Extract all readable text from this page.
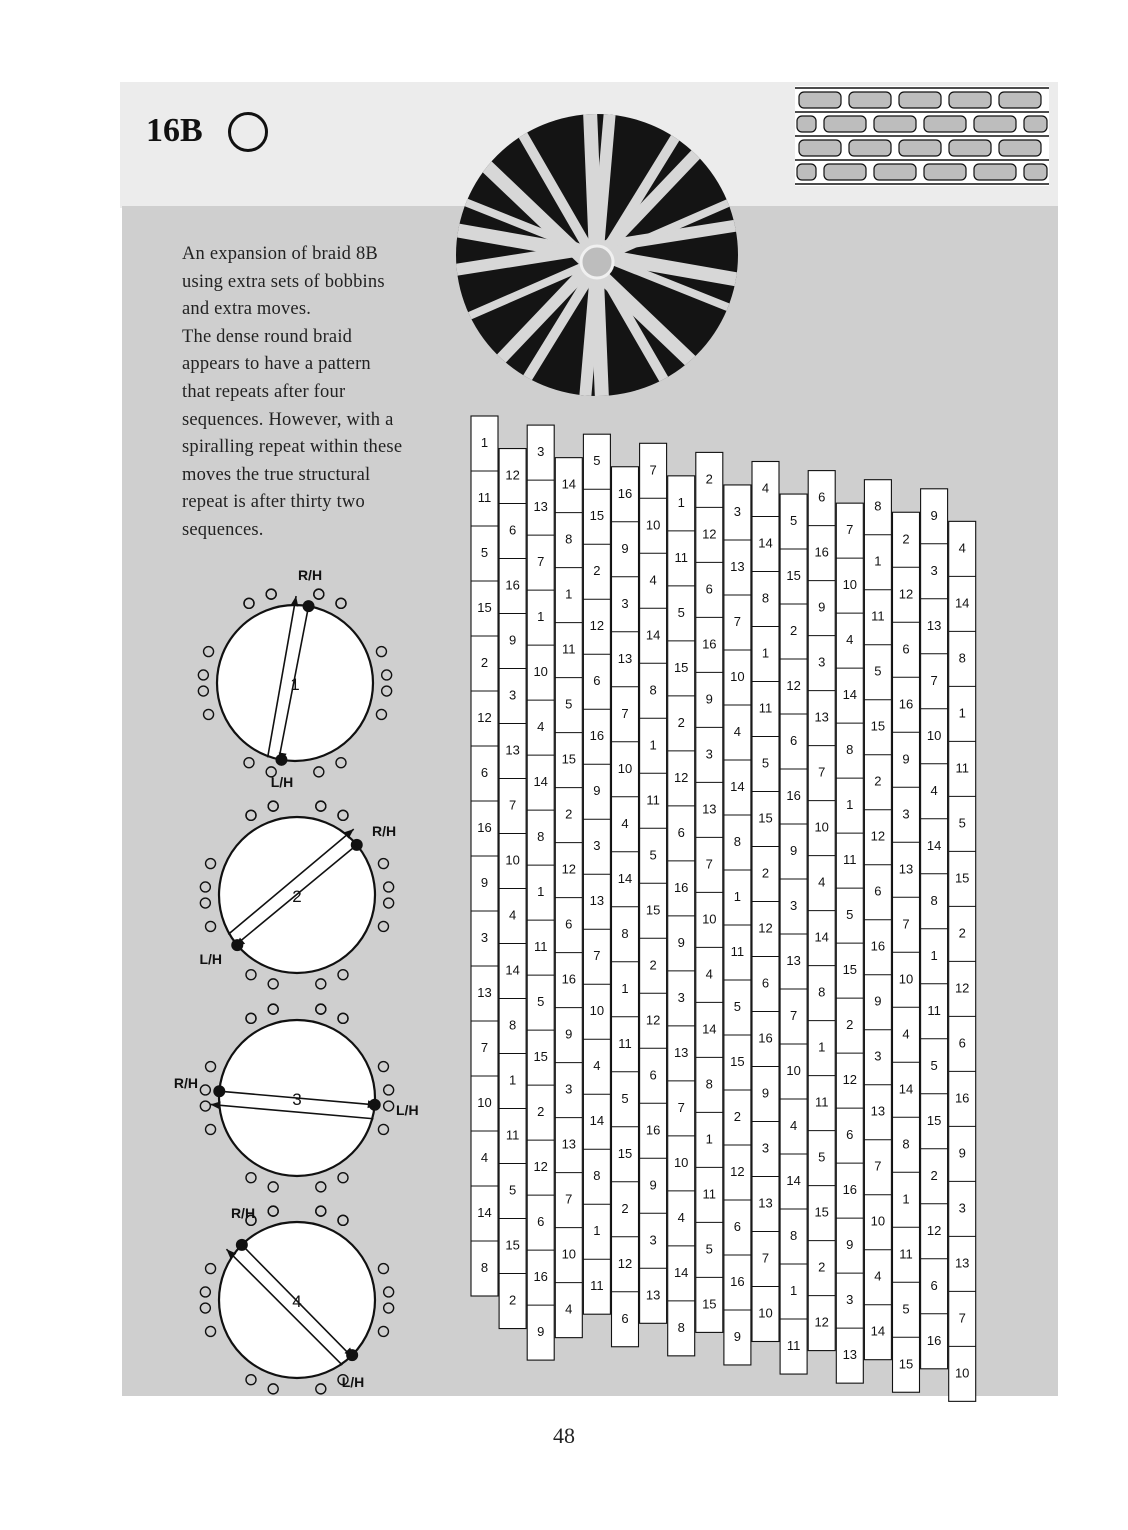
16B
An expansion of braid 8B
using extra sets of bobbins
and extra moves.
The dense round braid
appears to have a pattern
that repeats after four
sequences. However, with a
spiralling repeat within these
moves the true structural
repeat is after thirty two
sequences.
1
R/H
L/H
2
R/H
L/H
3
R/H
L/H
4
R/H
L/H
1
11
5
15
2
12
6
16
9
3
13
7
10
4
14
8
12
6
16
9
3
13
7
10
4
14
8
1
11
5
15
2
3
13
7
1
10
4
14
8
1
11
5
15
2
12
6
16
9
14
8
1
11
5
15
2
12
6
16
9
3
13
7
10
4
5
15
2
12
6
16
9
3
13
7
10
4
14
8
1
11
16
9
3
13
7
10
4
14
8
1
11
5
15
2
12
6
7
10
4
14
8
1
11
5
15
2
12
6
16
9
3
13
1
11
5
15
2
12
6
16
9
3
13
7
10
4
14
8
2
12
6
16
9
3
13
7
10
4
14
8
1
11
5
15
3
13
7
10
4
14
8
1
11
5
15
2
12
6
16
9
4
14
8
1
11
5
15
2
12
6
16
9
3
13
7
10
5
15
2
12
6
16
9
3
13
7
10
4
14
8
1
11
6
16
9
3
13
7
10
4
14
8
1
11
5
15
2
12
7
10
4
14
8
1
11
5
15
2
12
6
16
9
3
13
8
1
11
5
15
2
12
6
16
9
3
13
7
10
4
14
2
12
6
16
9
3
13
7
10
4
14
8
1
11
5
15
9
3
13
7
10
4
14
8
1
11
5
15
2
12
6
16
4
14
8
1
11
5
15
2
12
6
16
9
3
13
7
10
48
